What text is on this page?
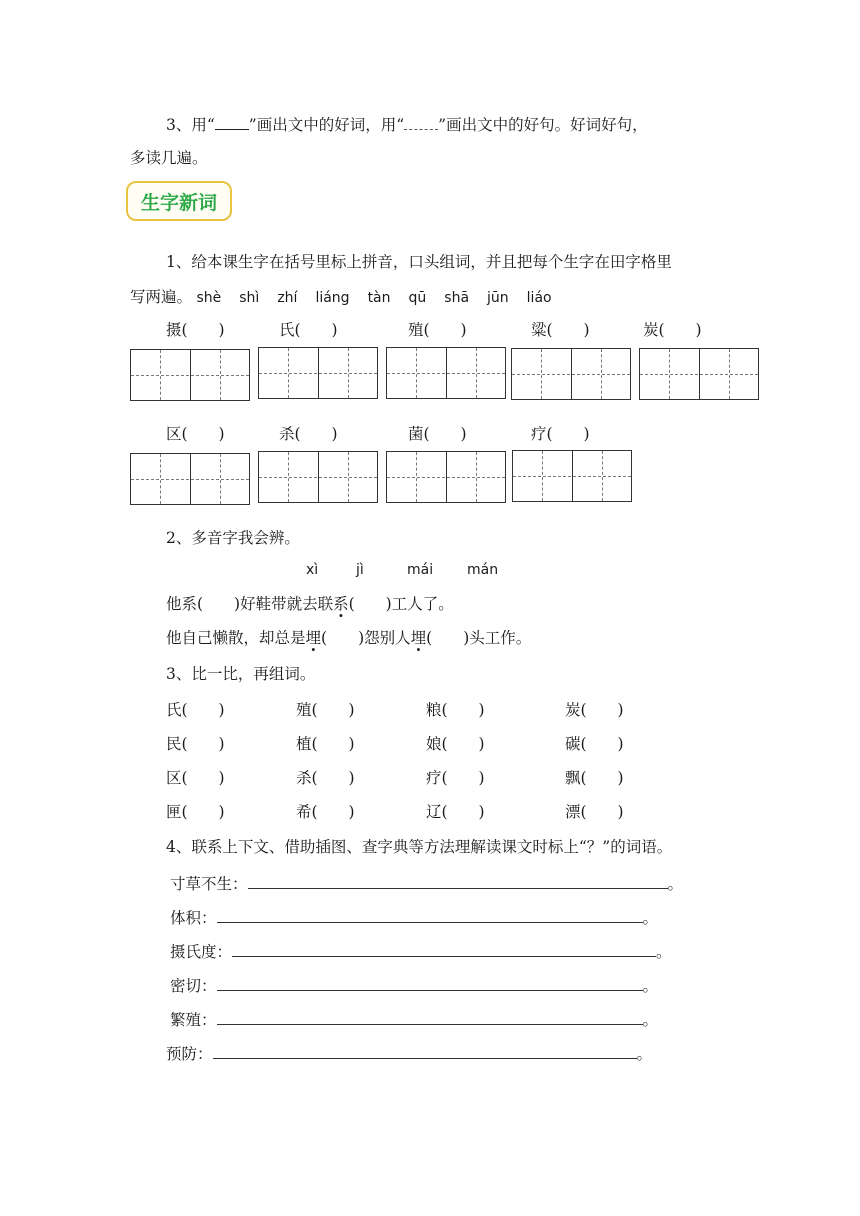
3、用“ ”画出文中的好词，用“ ”画出文中的好句。好词好句，
多读几遍。
生字新词
1、给本课生字在括号里标上拼音，口头组词，并且把每个生字在田字格里
写两遍。 shè shì zhí liáng tàn qū shā jūn liáo
摄(　　)	氏(　　)	殖(　　)	粱(　　)	炭(　　)
区(　　)	杀(　　)	菌(　　)	疗(　　)
2、多音字我会辨。
xì	jì	mái mán
他系(　　)好鞋带就去联系(　　)工人了。
他自己懒散，却总是埋(　　)怨别人埋(　　)头工作。
3、比一比，再组词。
氏(　　)	殖(　　)	粮(　　)	炭(　　)
民(　　)	植(　　)	娘(　　)	碳(　　)
区(　　)	杀(　　)	疗(　　)	飘(　　)
匣(　　)	希(　　)	辽(　　)	漂(　　)
4、联系上下文、借助插图、查字典等方法理解读课文时标上“？”的词语。
寸草不生：	。
体积：	。
摄氏度：	。
密切：	。
繁殖：	。
预防：	。
